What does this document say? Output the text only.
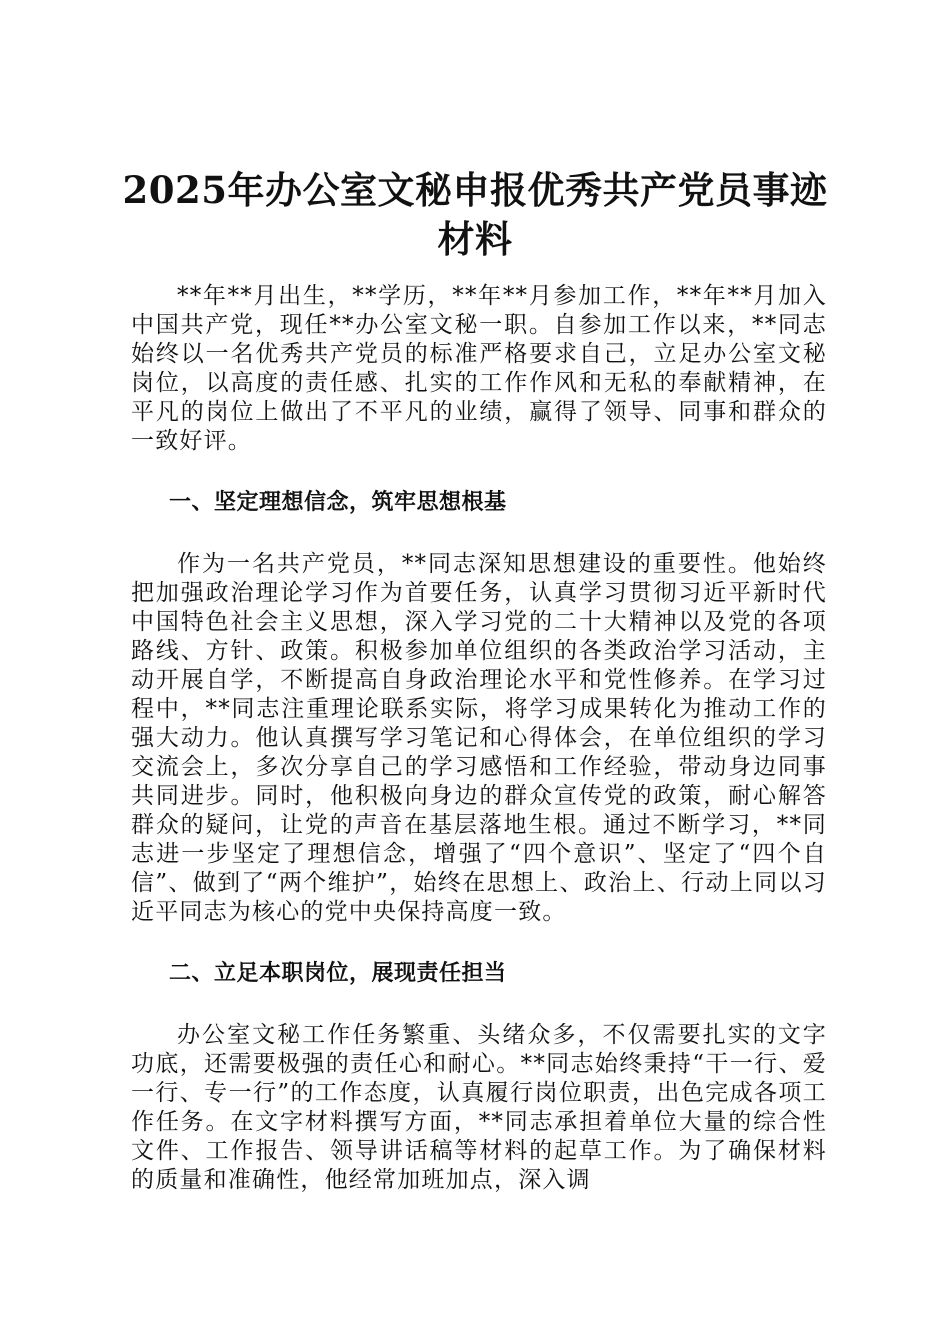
2025年办公室文秘申报优秀共产党员事迹材料

**年**月出生，**学历，**年**月参加工作，**年**月加入中国共产党，现任**办公室文秘一职。自参加工作以来，**同志始终以一名优秀共产党员的标准严格要求自己，立足办公室文秘岗位，以高度的责任感、扎实的工作作风和无私的奉献精神，在平凡的岗位上做出了不平凡的业绩，赢得了领导、同事和群众的一致好评。

一、坚定理想信念，筑牢思想根基

作为一名共产党员，**同志深知思想建设的重要性。他始终把加强政治理论学习作为首要任务，认真学习贯彻习近平新时代中国特色社会主义思想，深入学习党的二十大精神以及党的各项路线、方针、政策。积极参加单位组织的各类政治学习活动，主动开展自学，不断提高自身政治理论水平和党性修养。在学习过程中，**同志注重理论联系实际，将学习成果转化为推动工作的强大动力。他认真撰写学习笔记和心得体会，在单位组织的学习交流会上，多次分享自己的学习感悟和工作经验，带动身边同事共同进步。同时，他积极向身边的群众宣传党的政策，耐心解答群众的疑问，让党的声音在基层落地生根。通过不断学习，**同志进一步坚定了理想信念，增强了“四个意识”、坚定了“四个自信”、做到了“两个维护”，始终在思想上、政治上、行动上同以习近平同志为核心的党中央保持高度一致。

二、立足本职岗位，展现责任担当

办公室文秘工作任务繁重、头绪众多，不仅需要扎实的文字功底，还需要极强的责任心和耐心。**同志始终秉持“干一行、爱一行、专一行”的工作态度，认真履行岗位职责，出色完成各项工作任务。在文字材料撰写方面，**同志承担着单位大量的综合性文件、工作报告、领导讲话稿等材料的起草工作。为了确保材料的质量和准确性，他经常加班加点，深入调
